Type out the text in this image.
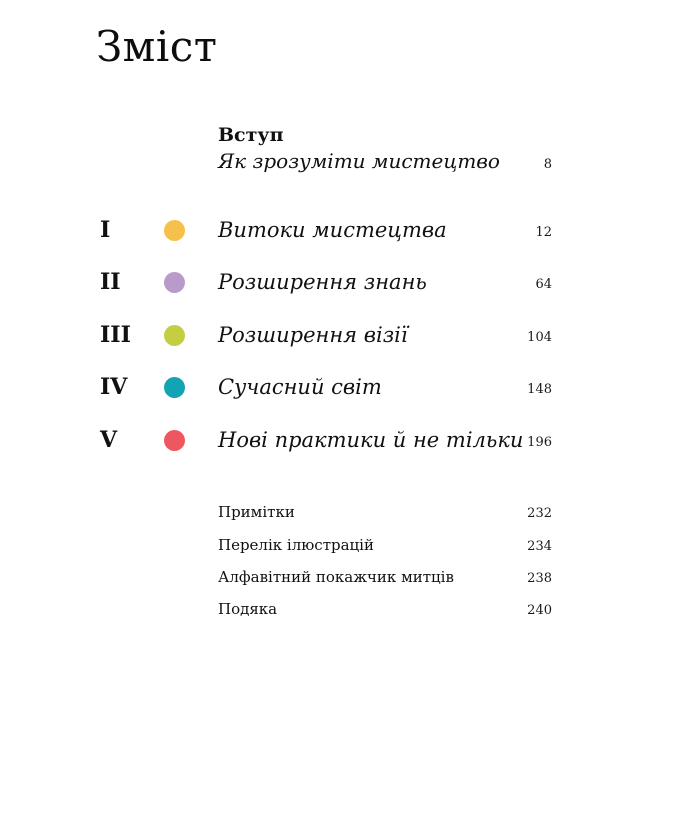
Зміст
Вступ
Як зрозуміти мистецтво	8
I	Витоки мистецтва	12
II	Розширення знань	64
III	Розширення візії	104
IV	Сучасний світ	148
V	Нові практики й не тільки 196
Примітки	232
Перелік ілюстрацій	234
Алфавітний покажчик митців	238
Подяка	240
